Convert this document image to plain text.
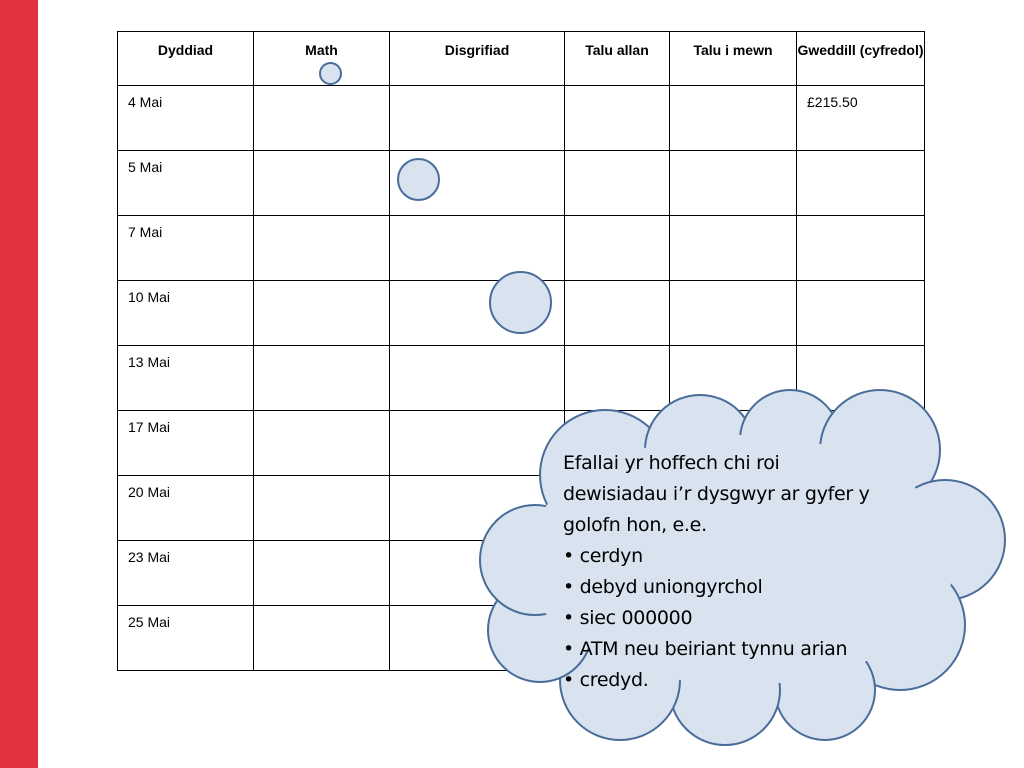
Dyddiad	Math	Disgrifiad	Talu allan	Talu i mewn	Gweddill (cyfredol)
4 Mai					£215.50
5 Mai					
7 Mai					
10 Mai					
13 Mai					
17 Mai					
20 Mai					
23 Mai					
25 Mai					
Efallai yr hoffech chi roi
dewisiadau i’r dysgwyr ar gyfer y
golofn hon, e.e.
• cerdyn
• debyd uniongyrchol
• siec 000000
• ATM neu beiriant tynnu arian
• credyd.
